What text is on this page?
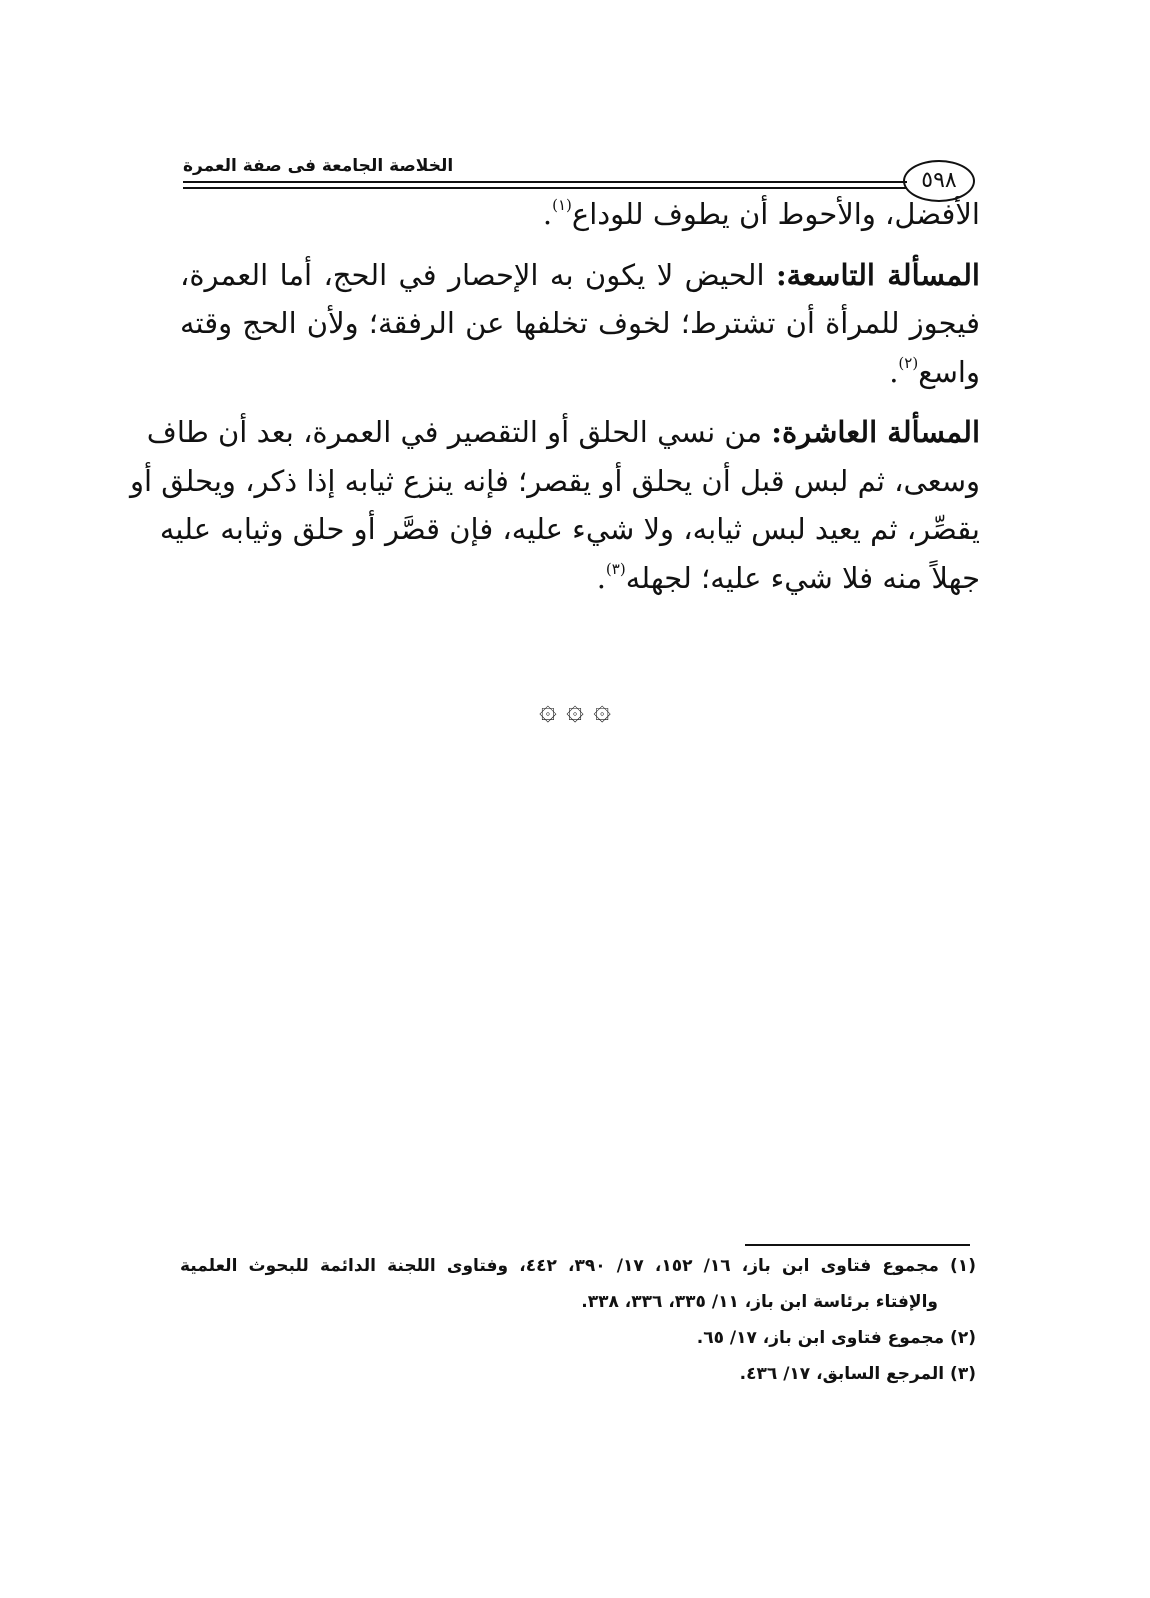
الخلاصة الجامعة فى صفة العمرة
٥٩٨
الأفضل، والأحوط أن يطوف للوداع$^{(١)}$.
المسألة التاسعة: الحيض لا يكون به الإحصار في الحج، أما العمرة،
فيجوز للمرأة أن تشترط؛ لخوف تخلفها عن الرفقة؛ ولأن الحج وقته
واسع$^{(٢)}$.
المسألة العاشرة: من نسي الحلق أو التقصير في العمرة، بعد أن طاف
وسعى، ثم لبس قبل أن يحلق أو يقصر؛ فإنه ينزع ثيابه إذا ذكر، ويحلق أو
يقصِّر، ثم يعيد لبس ثيابه، ولا شيء عليه، فإن قصَّر أو حلق وثيابه عليه
جهلاً منه فلا شيء عليه؛ لجهله$^{(٣)}$.
۞ ۞ ۞
(١) مجموع فتاوى ابن باز، ١٦/ ١٥٢، ١٧/ ٣٩٠، ٤٤٢، وفتاوى اللجنة الدائمة للبحوث العلمية
والإفتاء برئاسة ابن باز، ١١/ ٣٣٥، ٣٣٦، ٣٣٨.
(٢) مجموع فتاوى ابن باز، ١٧/ ٦٥.
(٣) المرجع السابق، ١٧/ ٤٣٦.
